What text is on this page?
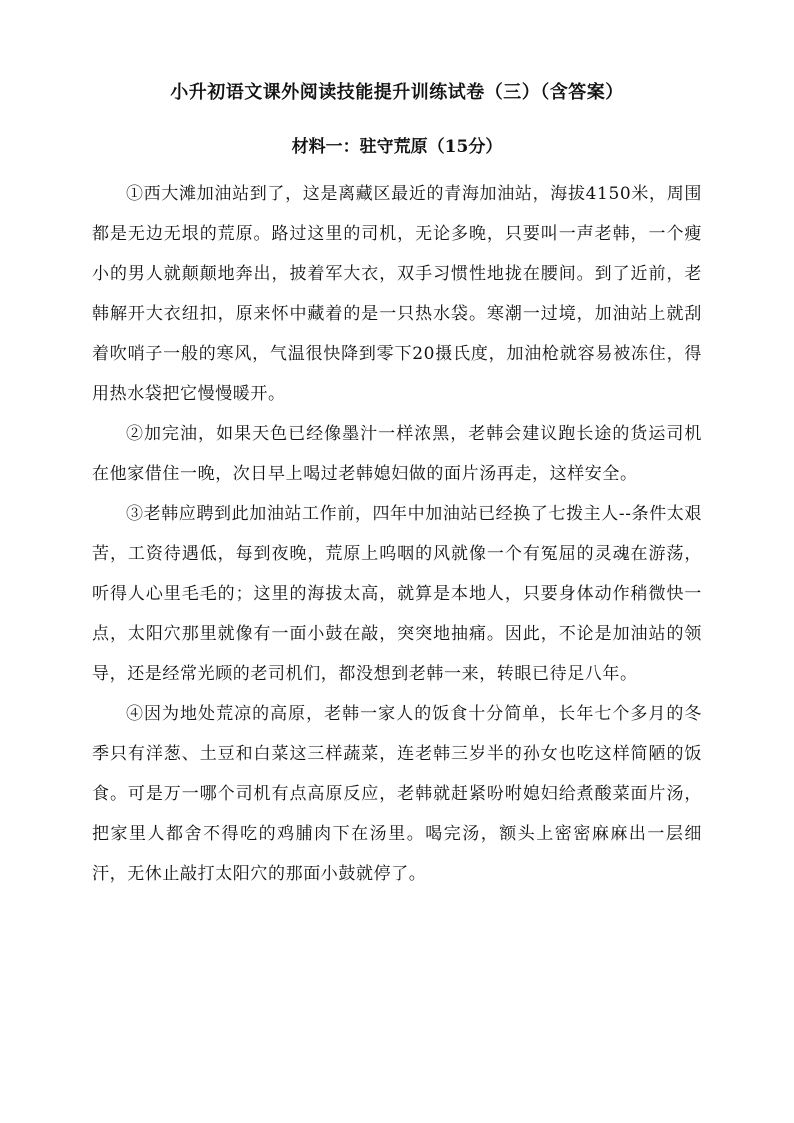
小升初语文课外阅读技能提升训练试卷（三）（含答案）
材料一：驻守荒原（15分）

①西大滩加油站到了，这是离藏区最近的青海加油站，海拔4150米，周围都是无边无垠的荒原。路过这里的司机，无论多晚，只要叫一声老韩，一个瘦小的男人就颠颠地奔出，披着军大衣，双手习惯性地拢在腰间。到了近前，老韩解开大衣纽扣，原来怀中藏着的是一只热水袋。寒潮一过境，加油站上就刮着吹哨子一般的寒风，气温很快降到零下20摄氏度，加油枪就容易被冻住，得用热水袋把它慢慢暖开。

②加完油，如果天色已经像墨汁一样浓黑，老韩会建议跑长途的货运司机在他家借住一晚，次日早上喝过老韩媳妇做的面片汤再走，这样安全。

③老韩应聘到此加油站工作前，四年中加油站已经换了七拨主人--条件太艰苦，工资待遇低，每到夜晚，荒原上呜咽的风就像一个有冤屈的灵魂在游荡，听得人心里毛毛的；这里的海拔太高，就算是本地人，只要身体动作稍微快一点，太阳穴那里就像有一面小鼓在敲，突突地抽痛。因此，不论是加油站的领导，还是经常光顾的老司机们，都没想到老韩一来，转眼已待足八年。

④因为地处荒凉的高原，老韩一家人的饭食十分简单，长年七个多月的冬季只有洋葱、土豆和白菜这三样蔬菜，连老韩三岁半的孙女也吃这样简陋的饭食。可是万一哪个司机有点高原反应，老韩就赶紧吩咐媳妇给煮酸菜面片汤，把家里人都舍不得吃的鸡脯肉下在汤里。喝完汤，额头上密密麻麻出一层细汗，无休止敲打太阳穴的那面小鼓就停了。
